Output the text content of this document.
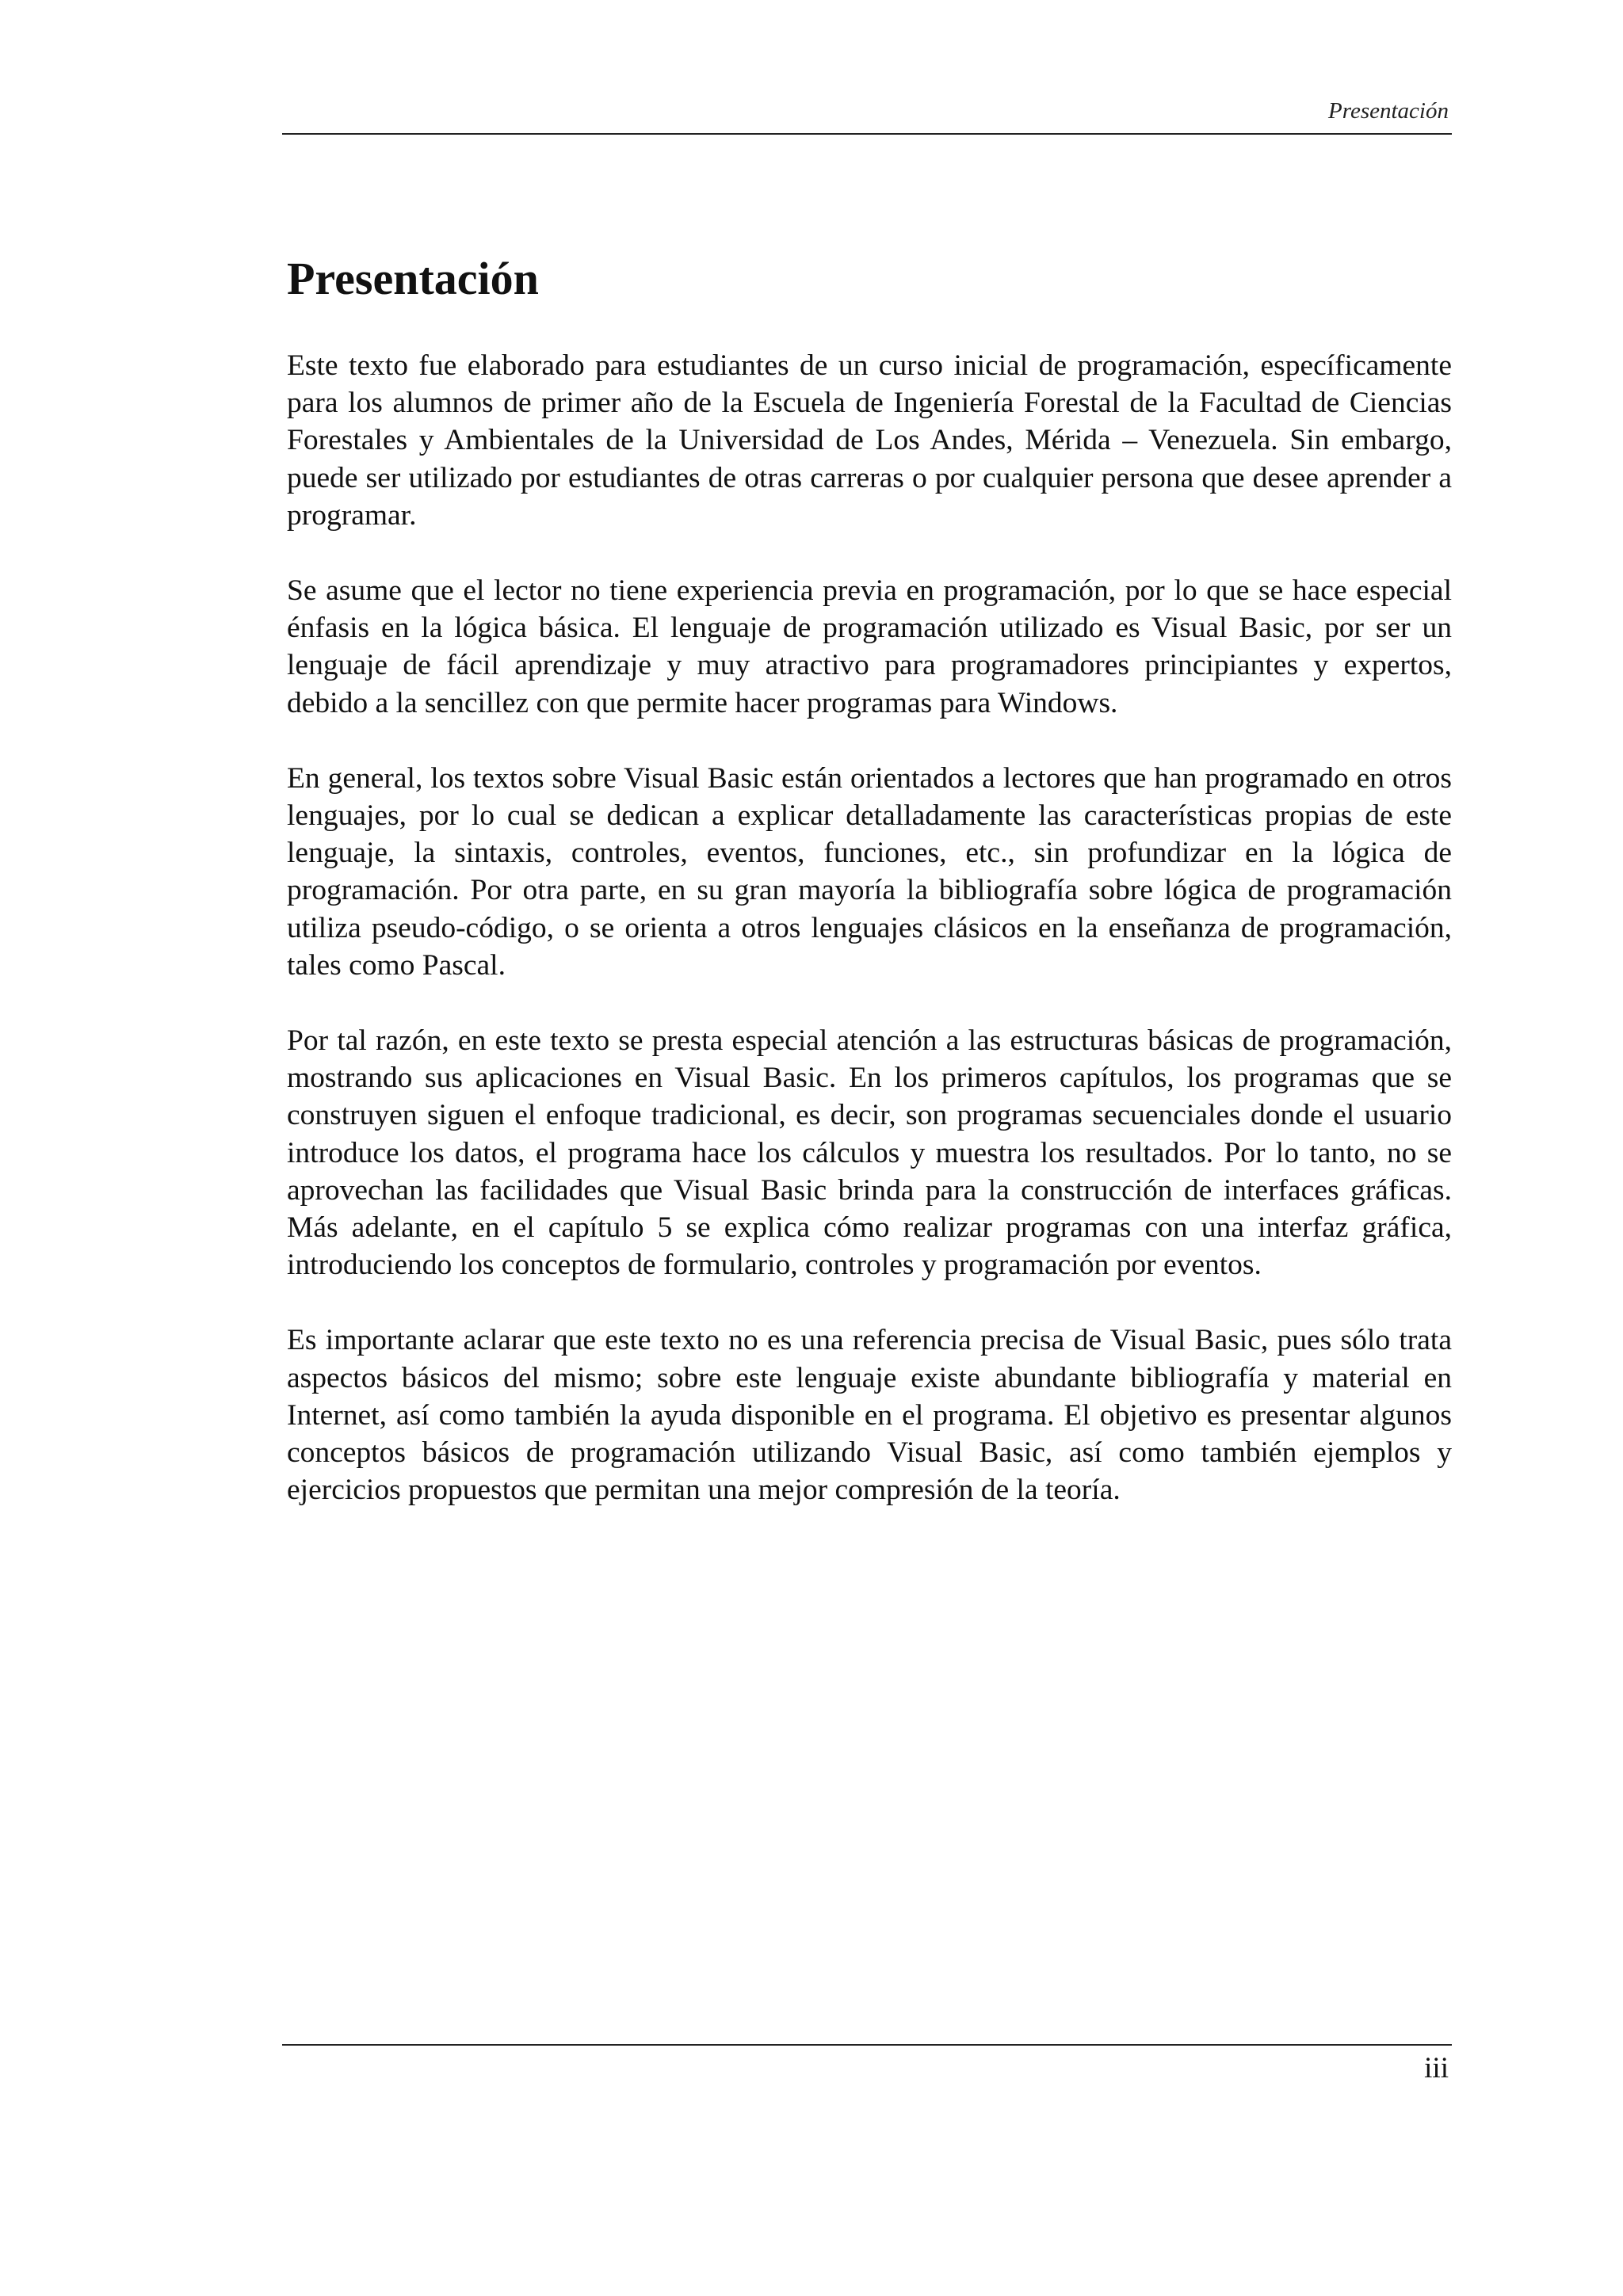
Presentación
Presentación

Este texto fue elaborado para estudiantes de un curso inicial de programación, específicamente para los alumnos de primer año de la Escuela de Ingeniería Forestal de la Facultad de Ciencias Forestales y Ambientales de la Universidad de Los Andes, Mérida – Venezuela. Sin embargo, puede ser utilizado por estudiantes de otras carreras o por cualquier persona que desee aprender a programar.

Se asume que el lector no tiene experiencia previa en programación, por lo que se hace especial énfasis en la lógica básica. El lenguaje de programación utilizado es Visual Basic, por ser un lenguaje de fácil aprendizaje y muy atractivo para programadores principiantes y expertos, debido a la sencillez con que permite hacer programas para Windows.

En general, los textos sobre Visual Basic están orientados a lectores que han programado en otros lenguajes, por lo cual se dedican a explicar detalladamente las características propias de este lenguaje, la sintaxis, controles, eventos, funciones, etc., sin profundizar en la lógica de programación. Por otra parte, en su gran mayoría la bibliografía sobre lógica de programación utiliza pseudo-código, o se orienta a otros lenguajes clásicos en la enseñanza de programación, tales como Pascal.

Por tal razón, en este texto se presta especial atención a las estructuras básicas de programación, mostrando sus aplicaciones en Visual Basic. En los primeros capítulos, los programas que se construyen siguen el enfoque tradicional, es decir, son programas secuenciales donde el usuario introduce los datos, el programa hace los cálculos y muestra los resultados. Por lo tanto, no se aprovechan las facilidades que Visual Basic brinda para la construcción de interfaces gráficas. Más adelante, en el capítulo 5 se explica cómo realizar programas con una interfaz gráfica, introduciendo los conceptos de formulario, controles y programación por eventos.

Es importante aclarar que este texto no es una referencia precisa de Visual Basic, pues sólo trata aspectos básicos del mismo; sobre este lenguaje existe abundante bibliografía y material en Internet, así como también la ayuda disponible en el programa. El objetivo es presentar algunos conceptos básicos de programación utilizando Visual Basic, así como también ejemplos y ejercicios propuestos que permitan una mejor compresión de la teoría.

iii
